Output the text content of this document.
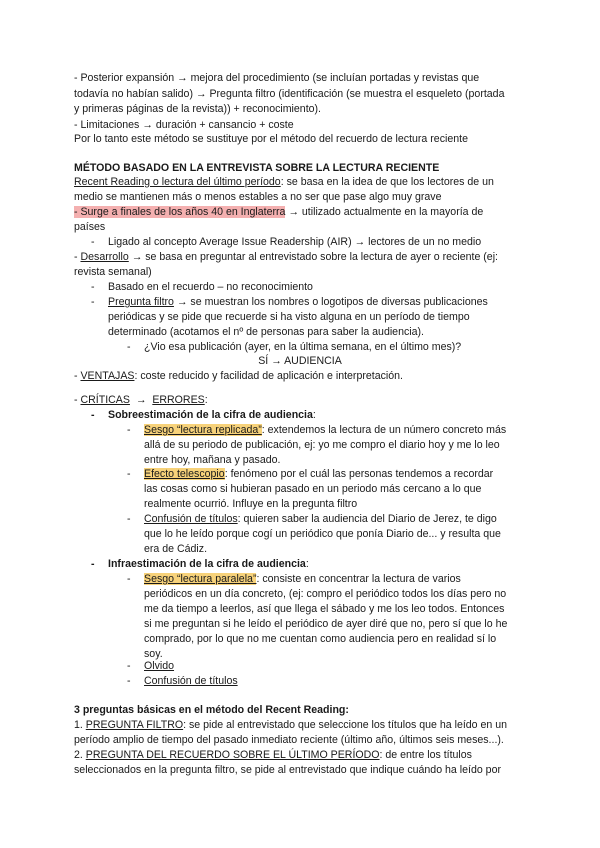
- Posterior expansión → mejora del procedimiento (se incluían portadas y revistas que
todavía no habían salido) → Pregunta filtro (identificación (se muestra el esqueleto (portada
y primeras páginas de la revista)) + reconocimiento).
- Limitaciones → duración + cansancio + coste
Por lo tanto este método se sustituye por el método del recuerdo de lectura reciente
MÉTODO BASADO EN LA ENTREVISTA SOBRE LA LECTURA RECIENTE
Recent Reading o lectura del último período: se basa en la idea de que los lectores de un
medio se mantienen más o menos estables a no ser que pase algo muy grave
- Surge a finales de los años 40 en Inglaterra → utilizado actualmente en la mayoría de
países
- Ligado al concepto Average Issue Readership (AIR) → lectores de un no medio
- Desarrollo → se basa en preguntar al entrevistado sobre la lectura de ayer o reciente (ej:
revista semanal)
- Basado en el recuerdo – no reconocimiento
- Pregunta filtro → se muestran los nombres o logotipos de diversas publicaciones
periódicas y se pide que recuerde si ha visto alguna en un período de tiempo
determinado (acotamos el nº de personas para saber la audiencia).
- ¿Vio esa publicación (ayer, en la última semana, en el último mes)?
SÍ → AUDIENCIA
- VENTAJAS: coste reducido y facilidad de aplicación e interpretación.
- CRÍTICAS  →  ERRORES:
- Sobreestimación de la cifra de audiencia:
- Sesgo “lectura replicada”: extendemos la lectura de un número concreto más
allá de su periodo de publicación, ej: yo me compro el diario hoy y me lo leo
entre hoy, mañana y pasado.
- Efecto telescopio: fenómeno por el cuál las personas tendemos a recordar
las cosas como si hubieran pasado en un periodo más cercano a lo que
realmente ocurrió. Influye en la pregunta filtro
- Confusión de títulos: quieren saber la audiencia del Diario de Jerez, te digo
que lo he leído porque cogí un periódico que ponía Diario de... y resulta que
era de Cádiz.
- Infraestimación de la cifra de audiencia:
- Sesgo “lectura paralela”: consiste en concentrar la lectura de varios
periódicos en un día concreto, (ej: compro el periódico todos los días pero no
me da tiempo a leerlos, así que llega el sábado y me los leo todos. Entonces
si me preguntan si he leído el periódico de ayer diré que no, pero sí que lo he
comprado, por lo que no me cuentan como audiencia pero en realidad sí lo
soy.
- Olvido
- Confusión de títulos
3 preguntas básicas en el método del Recent Reading:
1. PREGUNTA FILTRO: se pide al entrevistado que seleccione los títulos que ha leído en un
período amplio de tiempo del pasado inmediato reciente (último año, últimos seis meses...).
2. PREGUNTA DEL RECUERDO SOBRE EL ÚLTIMO PERÍODO: de entre los títulos
seleccionados en la pregunta filtro, se pide al entrevistado que indique cuándo ha leído por
